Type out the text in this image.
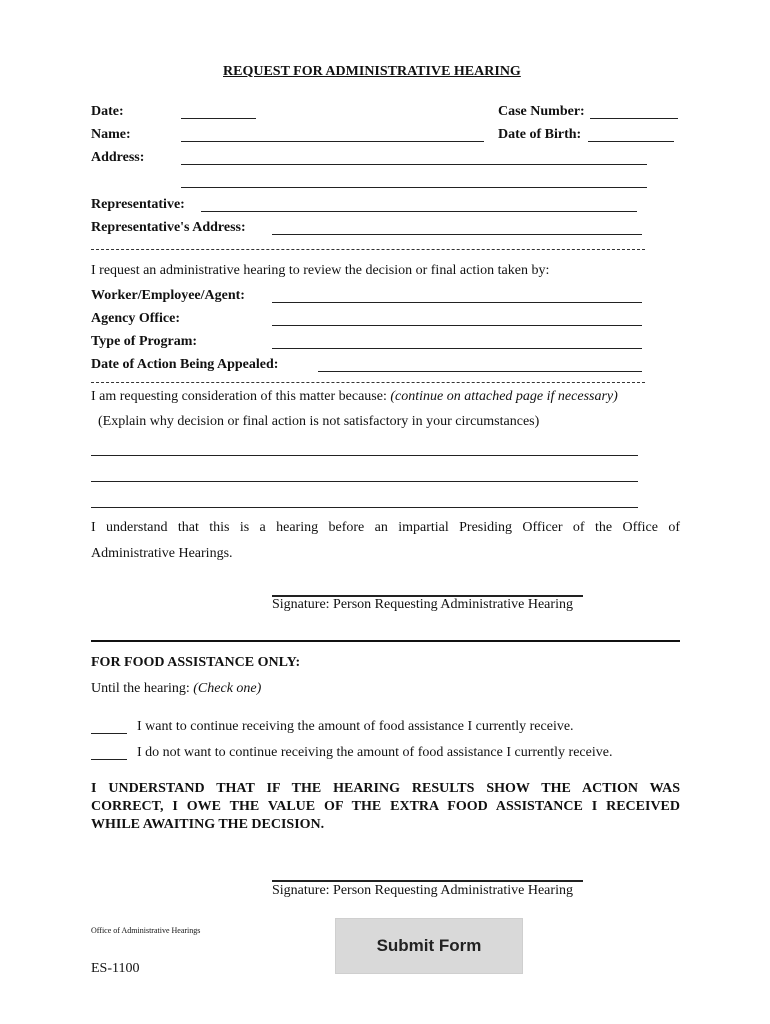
REQUEST FOR ADMINISTRATIVE HEARING
Date:	Case Number:
Name:	Date of Birth:
Address:
Representative:
Representative's Address:
I request an administrative hearing to review the decision or final action taken by:
Worker/Employee/Agent:
Agency Office:
Type of Program:
Date of Action Being Appealed:
I am requesting consideration of this matter because: (continue on attached page if necessary)
(Explain why decision or final action is not satisfactory in your circumstances)
I understand that this is a hearing before an impartial Presiding Officer of the Office of
Administrative Hearings.
Signature: Person Requesting Administrative Hearing
FOR FOOD ASSISTANCE ONLY:
Until the hearing: (Check one)
I want to continue receiving the amount of food assistance I currently receive.
I do not want to continue receiving the amount of food assistance I currently receive.
I UNDERSTAND THAT IF THE HEARING RESULTS SHOW THE ACTION WAS
CORRECT, I OWE THE VALUE OF THE EXTRA FOOD ASSISTANCE I RECEIVED
WHILE AWAITING THE DECISION.
Signature: Person Requesting Administrative Hearing
Office of Administrative Hearings
ES-1100
Submit Form
